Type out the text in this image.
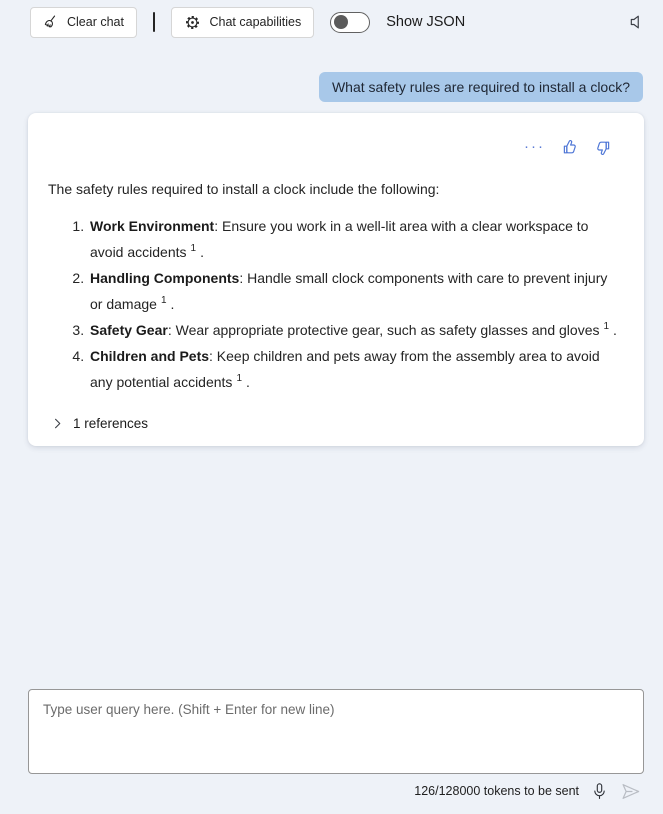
Clear chat	Chat capabilities	Show JSON
What safety rules are required to install a clock?
···
The safety rules required to install a clock include the following:
1. Work Environment: Ensure you work in a well-lit area with a clear workspace to avoid accidents $^1$ .
2. Handling Components: Handle small clock components with care to prevent injury or damage $^1$ .
3. Safety Gear: Wear appropriate protective gear, such as safety glasses and gloves $^1$ .
4. Children and Pets: Keep children and pets away from the assembly area to avoid any potential accidents $^1$ .
1 references
Type user query here. (Shift + Enter for new line)
126/128000 tokens to be sent
